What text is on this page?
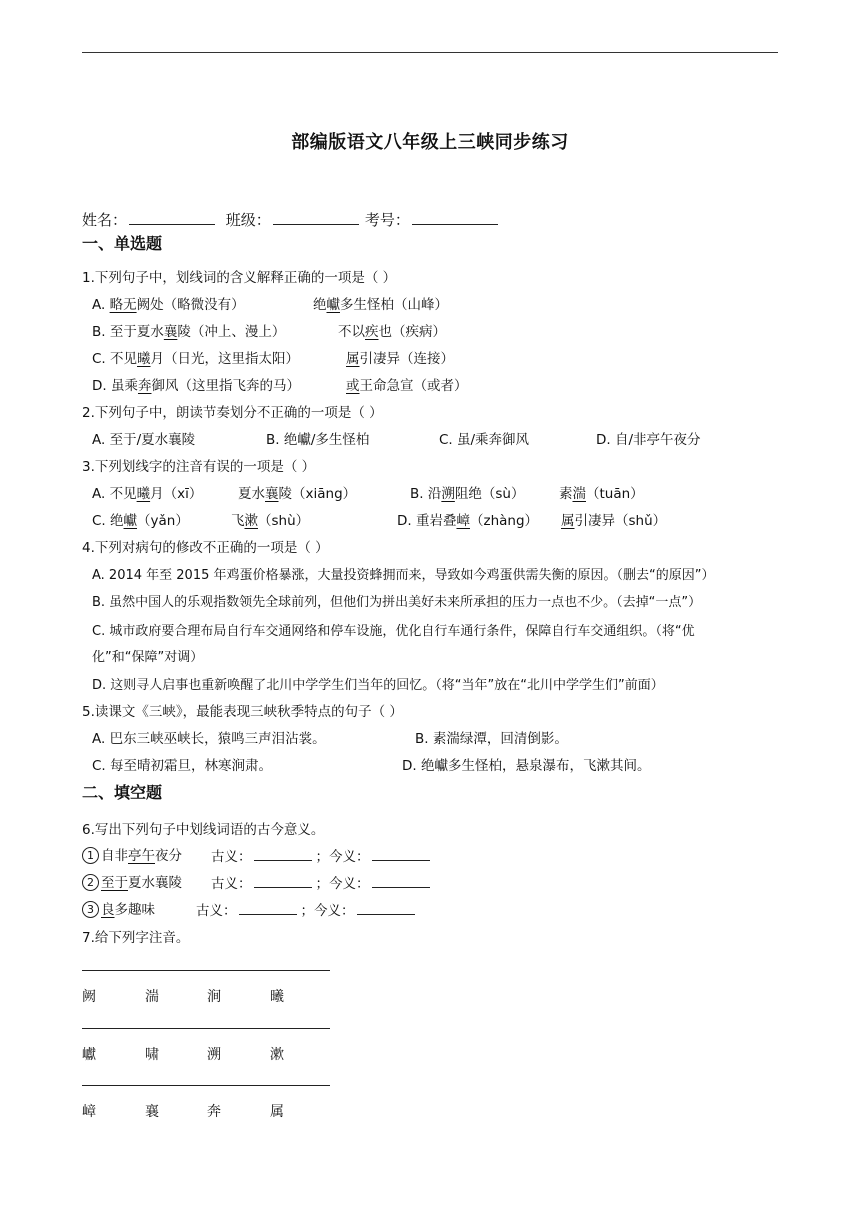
部编版语文八年级上三峡同步练习
姓名：	班级：	考号：
一、单选题
1.下列句子中，划线词的含义解释正确的一项是（ ）
A. 略无阙处（略微没有）	绝巘多生怪柏（山峰）
B. 至于夏水襄陵（冲上、漫上）	不以疾也（疾病）
C. 不见曦月（日光，这里指太阳）	属引凄异（连接）
D. 虽乘奔御风（这里指飞奔的马）	或王命急宣（或者）
2.下列句子中，朗读节奏划分不正确的一项是（ ）
A. 至于/夏水襄陵	B. 绝巘/多生怪柏	C. 虽/乘奔御风	D. 自/非亭午夜分
3.下列划线字的注音有误的一项是（ ）
A. 不见曦月（xī）	夏水襄陵（xiāng）	B. 沿溯阻绝（sù）	素湍（tuān）
C. 绝巘（yǎn）	飞漱（shù）	D. 重岩叠嶂（zhàng） 属引凄异（shǔ）
4.下列对病句的修改不正确的一项是（ ）
A. 2014 年至 2015 年鸡蛋价格暴涨，大量投资蜂拥而来，导致如今鸡蛋供需失衡的原因。（删去“的原因”）
B. 虽然中国人的乐观指数领先全球前列，但他们为拼出美好未来所承担的压力一点也不少。（去掉“一点”）
C. 城市政府要合理布局自行车交通网络和停车设施，优化自行车通行条件，保障自行车交通组织。（将“优
化”和“保障”对调）
D. 这则寻人启事也重新唤醒了北川中学学生们当年的回忆。（将“当年”放在“北川中学学生们”前面）
5.读课文《三峡》，最能表现三峡秋季特点的句子（ ）
A. 巴东三峡巫峡长，猿鸣三声泪沾裳。	B. 素湍绿潭，回清倒影。
C. 每至晴初霜旦，林寒涧肃。	D. 绝巘多生怪柏，悬泉瀑布，飞漱其间。
二、填空题
6.写出下列句子中划线词语的古今意义。
1 自非亭午夜分 古义：	；今义：
2 至于夏水襄陵 古义：	；今义：
3 良多趣味	古义：	；今义：
7.给下列字注音。
阙	湍	涧	曦
巘	啸	溯	漱
嶂	襄	奔	属
